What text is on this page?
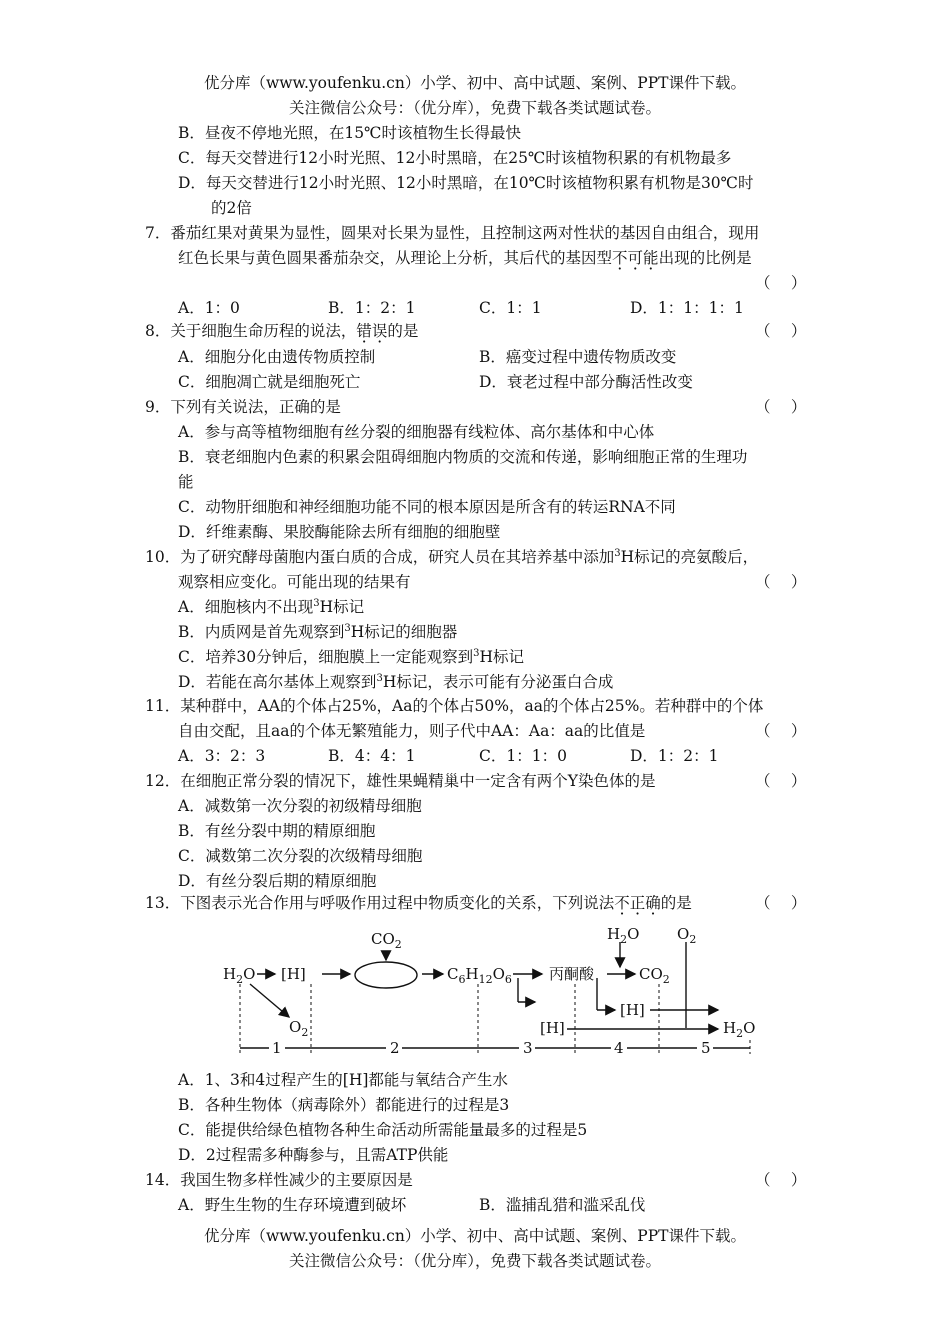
优分库（www.youfenku.cn）小学、初中、高中试题、案例、PPT课件下载。
关注微信公众号：（优分库），免费下载各类试题试卷。
B．昼夜不停地光照，在15℃时该植物生长得最快
C．每天交替进行12小时光照、12小时黑暗，在25℃时该植物积累的有机物最多
D．每天交替进行12小时光照、12小时黑暗，在10℃时该植物积累有机物是30℃时
的2倍
7．番茄红果对黄果为显性，圆果对长果为显性，且控制这两对性状的基因自由组合，现用
红色长果与黄色圆果番茄杂交，从理论上分析，其后代的基因型不可能出现的比例是
（　 ）
A．1：0	B．1：2：1	C．1：1	D．1：1：1：1
8．关于细胞生命历程的说法，错误的是	（　 ）
A．细胞分化由遗传物质控制	B．癌变过程中遗传物质改变
C．细胞凋亡就是细胞死亡	D．衰老过程中部分酶活性改变
9．下列有关说法，正确的是	（　 ）
A．参与高等植物细胞有丝分裂的细胞器有线粒体、高尔基体和中心体
B．衰老细胞内色素的积累会阻碍细胞内物质的交流和传递，影响细胞正常的生理功
能
C．动物肝细胞和神经细胞功能不同的根本原因是所含有的转运RNA不同
D．纤维素酶、果胶酶能除去所有细胞的细胞壁
10．为了研究酵母菌胞内蛋白质的合成，研究人员在其培养基中添加$^3$H标记的亮氨酸后，
观察相应变化。可能出现的结果有	（　 ）
A．细胞核内不出现$^3$H标记
B．内质网是首先观察到$^3$H标记的细胞器
C．培养30分钟后，细胞膜上一定能观察到$^3$H标记
D．若能在高尔基体上观察到$^3$H标记，表示可能有分泌蛋白合成
11．某种群中，AA的个体占25%，Aa的个体占50%，aa的个体占25%。若种群中的个体
自由交配，且aa的个体无繁殖能力，则子代中AA：Aa：aa的比值是	（　 ）
A．3：2：3	B．4：4：1	C．1：1：0	D．1：2：1
12．在细胞正常分裂的情况下，雄性果蝇精巢中一定含有两个Y染色体的是	（　 ）
A．减数第一次分裂的初级精母细胞
B．有丝分裂中期的精原细胞
C．减数第二次分裂的次级精母细胞
D．有丝分裂后期的精原细胞
13．下图表示光合作用与呼吸作用过程中物质变化的关系，下列说法不正确的是	（　 ）
$CO_2$
$H_2O$
$O_2$
[H]	$C_6H_{12}O_6$ 丙酮酸
$H_2O$	$O_2$
$CO_2$
[H]
[H]	$H_2O$
1	2	3	4	5
A．1、3和4过程产生的[H]都能与氧结合产生水
B．各种生物体（病毒除外）都能进行的过程是3
C．能提供给绿色植物各种生命活动所需能量最多的过程是5
D．2过程需多种酶参与，且需ATP供能
14．我国生物多样性减少的主要原因是	（　 ）
A．野生生物的生存环境遭到破坏	B．滥捕乱猎和滥采乱伐
优分库（www.youfenku.cn）小学、初中、高中试题、案例、PPT课件下载。
关注微信公众号：（优分库），免费下载各类试题试卷。
